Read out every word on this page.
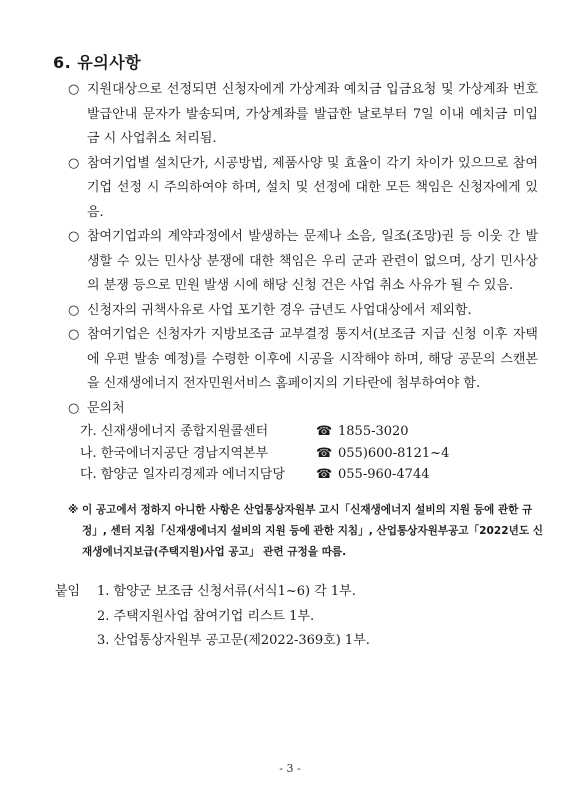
6. 유의사항
○ 지원대상으로 선정되면 신청자에게 가상계좌 예치금 입금요청 및 가상계좌 번호 발급안내 문자가 발송되며, 가상계좌를 발급한 날로부터 7일 이내 예치금 미입금 시 사업취소 처리됨.
○ 참여기업별 설치단가, 시공방법, 제품사양 및 효율이 각기 차이가 있으므로 참여기업 선정 시 주의하여야 하며, 설치 및 선정에 대한 모든 책임은 신청자에게 있음.
○ 참여기업과의 계약과정에서 발생하는 문제나 소음, 일조(조망)권 등 이웃 간 발생할 수 있는 민사상 분쟁에 대한 책임은 우리 군과 관련이 없으며, 상기 민사상의 분쟁 등으로 민원 발생 시에 해당 신청 건은 사업 취소 사유가 될 수 있음.
○ 신청자의 귀책사유로 사업 포기한 경우 금년도 사업대상에서 제외함.
○ 참여기업은 신청자가 지방보조금 교부결정 통지서(보조금 지급 신청 이후 자택에 우편 발송 예정)를 수령한 이후에 시공을 시작해야 하며, 해당 공문의 스캔본을 신재생에너지 전자민원서비스 홈페이지의 기타란에 첨부하여야 함.
○ 문의처
가. 신재생에너지 종합지원콜센터	☎ 1855-3020
나. 한국에너지공단 경남지역본부	☎ 055)600-8121~4
다. 함양군 일자리경제과 에너지담당 ☎ 055-960-4744
※ 이 공고에서 정하지 아니한 사항은 산업통상자원부 고시「신재생에너지 설비의 지원 등에 관한 규정」, 센터 지침「신재생에너지 설비의 지원 등에 관한 지침」, 산업통상자원부공고「2022년도 신재생에너지보급(주택지원)사업 공고」 관련 규정을 따름.
붙임 1. 함양군 보조금 신청서류(서식1~6) 각 1부.
2. 주택지원사업 참여기업 리스트 1부.
3. 산업통상자원부 공고문(제2022-369호) 1부.
- 3 -
